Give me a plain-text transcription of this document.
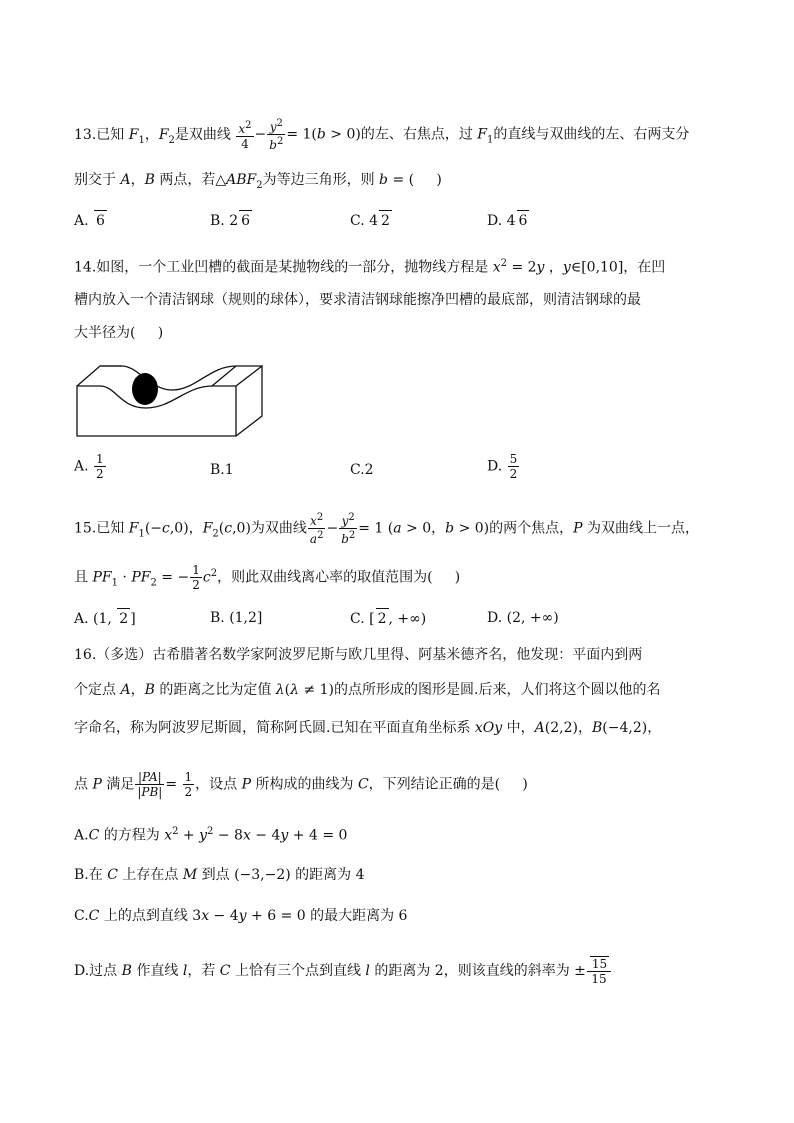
13.已知 $F_1$，$F_2$是双曲线 $\frac{x^2}{4} - \frac{y^2}{b^2} = 1(b > 0)$的左、右焦点，过 $F_1$的直线与双曲线的左、右两支分
别交于 A，B 两点，若$\triangle ABF_2$为等边三角形，则 b = (     )
A. 6	B. 2 6	C. 4 2	D. 4 6
14.如图，一个工业凹槽的截面是某抛物线的一部分，抛物线方程是 $x^2 = 2y$ ，y∈[0,10]，在凹
槽内放入一个清洁钢球（规则的球体），要求清洁钢球能擦净凹槽的最底部，则清洁钢球的最
大半径为(     )
A. $\frac{1}{2}$	B.1	C.2	D. $\frac{5}{2}$
15.已知 $F_1(-c,0)$，$F_2(c,0)$为双曲线 $\frac{x^2}{a^2} - \frac{y^2}{b^2} = 1$ (a > 0，b > 0)的两个焦点，P 为双曲线上一点，
且 $PF_1 \cdot PF_2$ = − $\frac{1}{2} c^2$，则此双曲线离心率的取值范围为(     )
A. (1, 2 ]	B. (1,2]	C. [ 2 , +∞)	D. (2, +∞)
16.（多选）古希腊著名数学家阿波罗尼斯与欧几里得、阿基米德齐名，他发现：平面内到两
个定点 A，B 的距离之比为定值 λ(λ ≠ 1)的点所形成的图形是圆.后来，人们将这个圆以他的名
字命名，称为阿波罗尼斯圆，简称阿氏圆.已知在平面直角坐标系 xOy 中，A(2,2)，B(−4,2)，
点 P 满足 $\frac{|PA|}{|PB|} = \frac{1}{2}$ ，设点 P 所构成的曲线为 C，下列结论正确的是(     )
A.C 的方程为 $x^2 + y^2 - 8x - 4y + 4 = 0$
B.在 C 上存在点 M 到点 (−3,−2) 的距离为 4
C.C 上的点到直线 3x − 4y + 6 = 0 的最大距离为 6
D.过点 B 作直线 l，若 C 上恰有三个点到直线 l 的距离为 2，则该直线的斜率为 ± $\frac{15}{15}$
